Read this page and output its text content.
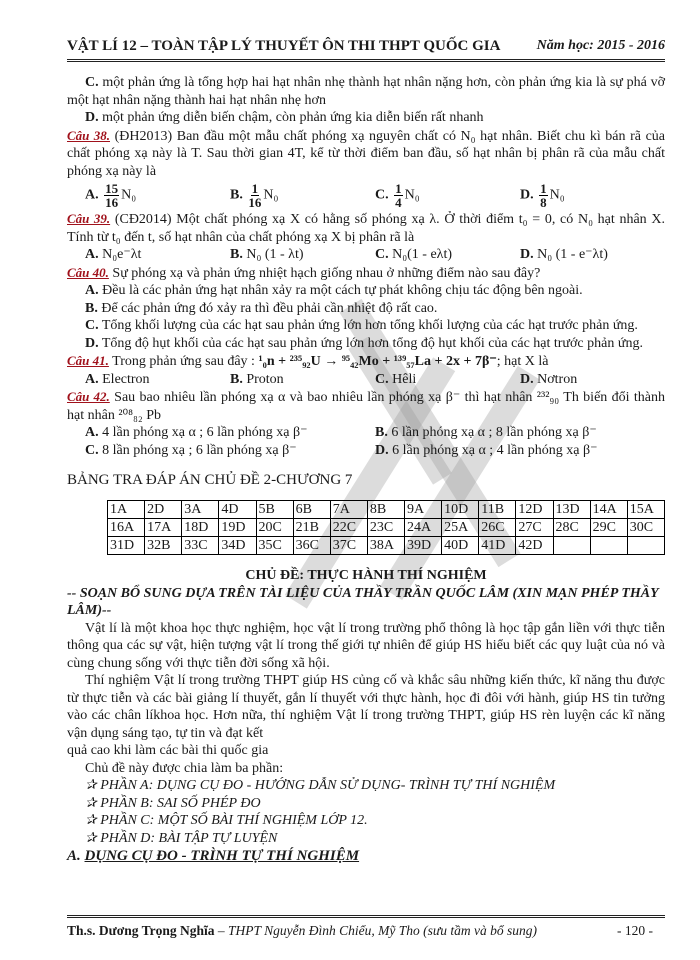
VẬT LÍ 12 – TOÀN TẬP LÝ THUYẾT ÔN THI THPT QUỐC GIA	Năm học: 2015 - 2016
C. một phản ứng là tổng hợp hai hạt nhân nhẹ thành hạt nhân nặng hơn, còn phản ứng kia là sự phá vỡ một hạt nhân nặng thành hai hạt nhân nhẹ hơn
D. một phản ứng diễn biến chậm, còn phản ứng kia diễn biến rất nhanh
Câu 38. (ĐH2013) Ban đầu một mẫu chất phóng xạ nguyên chất có N₀ hạt nhân. Biết chu kì bán rã của chất phóng xạ này là T. Sau thời gian 4T, kể từ thời điểm ban đầu, số hạt nhân bị phân rã của mẫu chất phóng xạ này là
A. $\frac{15}{16} N_0$	B. $\frac{1}{16} N_0$	C. $\frac{1}{4} N_0$	D. $\frac{1}{8} N_0$
Câu 39. (CĐ2014) Một chất phóng xạ X có hằng số phóng xạ λ. Ở thời điểm t₀ = 0, có N₀ hạt nhân X. Tính từ t₀ đến t, số hạt nhân của chất phóng xạ X bị phân rã là
A. N₀e⁻λt	B. N₀ (1 - λt)	C. N₀(1 - eλt)	D. N₀ (1 - e⁻λt)
Câu 40. Sự phóng xạ và phản ứng nhiệt hạch giống nhau ở những điểm nào sau đây?
A. Đều là các phản ứng hạt nhân xảy ra một cách tự phát không chịu tác động bên ngoài.
B. Để các phản ứng đó xảy ra thì đều phải cần nhiệt độ rất cao.
C. Tổng khối lượng của các hạt sau phản ứng lớn hơn tổng khối lượng của các hạt trước phản ứng.
D. Tổng độ hụt khối của các hạt sau phản ứng lớn hơn tổng độ hụt khối của các hạt trước phản ứng.
Câu 41. Trong phản ứng sau đây : ¹₀n + ²³⁵₉₂U → ⁹⁵₄₂Mo + ¹³⁹₅₇La + 2x + 7β⁻; hạt X là
A. Electron	B. Proton	C. Hêli	D. Nơtron
Câu 42. Sau bao nhiêu lần phóng xạ α và bao nhiêu lần phóng xạ β⁻ thì hạt nhân ²³²₉₀ Th biến đổi thành hạt nhân ²⁰⁸₈₂ Pb
A. 4 lần phóng xạ α ; 6 lần phóng xạ β⁻	B. 6 lần phóng xạ α ; 8 lần phóng xạ β⁻
C. 8 lần phóng xạ ; 6 lần phóng xạ β⁻	D. 6 lần phóng xạ α ; 4 lần phóng xạ β⁻
BẢNG TRA ĐÁP ÁN CHỦ ĐỀ 2-CHƯƠNG 7
1A	2D	3A	4D	5B	6B	7A	8B	9A	10D	11B	12D	13D	14A	15A
16A	17A	18D	19D	20C	21B	22C	23C	24A	25A	26C	27C	28C	29C	30C
31D	32B	33C	34D	35C	36C	37C	38A	39D	40D	41D	42D			
CHỦ ĐỀ: THỰC HÀNH THÍ NGHIỆM
-- SOẠN BỔ SUNG DỰA TRÊN TÀI LIỆU CỦA THẦY TRẦN QUỐC LÂM (XIN MẠN PHÉP THẦY LÂM)--
Vật lí là một khoa học thực nghiệm, học vật lí trong trường phổ thông là học tập gắn liền với thực tiễn thông qua các sự vật, hiện tượng vật lí trong thế giới tự nhiên để giúp HS hiểu biết các quy luật của nó và cùng chung sống với thực tiễn đời sống xã hội.
Thí nghiệm Vật lí trong trường THPT giúp HS củng cố và khắc sâu những kiến thức, kĩ năng thu được từ thực tiễn và các bài giảng lí thuyết, gắn lí thuyết với thực hành, học đi đôi với hành, giúp HS tin tưởng vào các chân líkhoa học. Hơn nữa, thí nghiệm Vật lí trong trường THPT, giúp HS rèn luyện các kĩ năng vận dụng sáng tạo, tự tin và đạt kết
quả cao khi làm các bài thi quốc gia
Chủ đề này được chia làm ba phần:
✰ PHẦN A: DỤNG CỤ ĐO - HƯỚNG DẪN SỬ DỤNG- TRÌNH TỰ THÍ NGHIỆM
✰ PHẦN B: SAI SỐ PHÉP ĐO
✰ PHẦN C: MỘT SỐ BÀI THÍ NGHIỆM LỚP 12.
✰ PHẦN D: BÀI TẬP TỰ LUYỆN
A. DỤNG CỤ ĐO - TRÌNH TỰ THÍ NGHIỆM
Th.s. Dương Trọng Nghĩa – THPT Nguyễn Đình Chiểu, Mỹ Tho (sưu tầm và bổ sung)	- 120 -
